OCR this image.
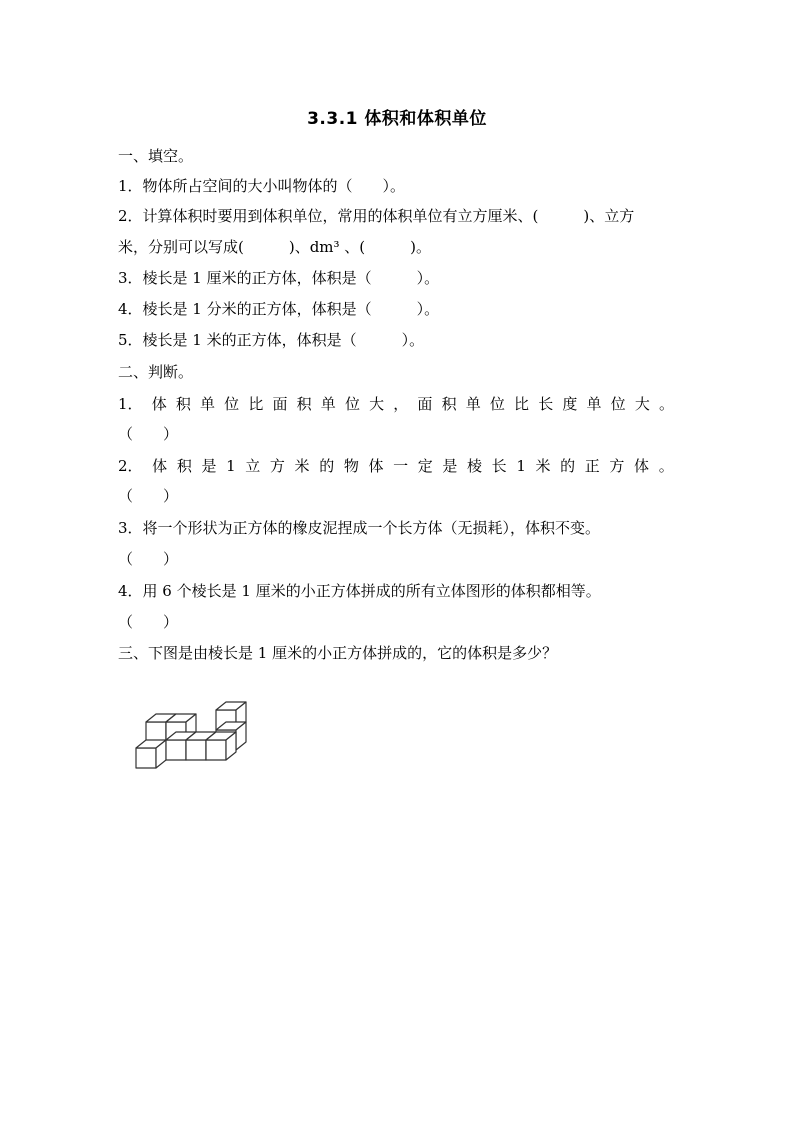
3.3.1 体积和体积单位
一、填空。
1．物体所占空间的大小叫物体的（　　）。
2．计算体积时要用到体积单位，常用的体积单位有立方厘米、(　　　)、立方
米，分别可以写成(　　　)、dm³ 、(　　　)。
3．棱长是 1 厘米的正方体，体积是（　　　）。
4．棱长是 1 分米的正方体，体积是（　　　）。
5．棱长是 1 米的正方体，体积是（　　　）。
二、判断。
1． 体 积 单 位 比 面 积 单 位 大 ， 面 积 单 位 比 长 度 单 位 大 。
（　　）
2． 体 积 是 1 立 方 米 的 物 体 一 定 是 棱 长 1 米 的 正 方 体 。
（　　）
3．将一个形状为正方体的橡皮泥捏成一个长方体（无损耗），体积不变。
（　　）
4．用 6 个棱长是 1 厘米的小正方体拼成的所有立体图形的体积都相等。
（　　）
三、下图是由棱长是 1 厘米的小正方体拼成的，它的体积是多少？
